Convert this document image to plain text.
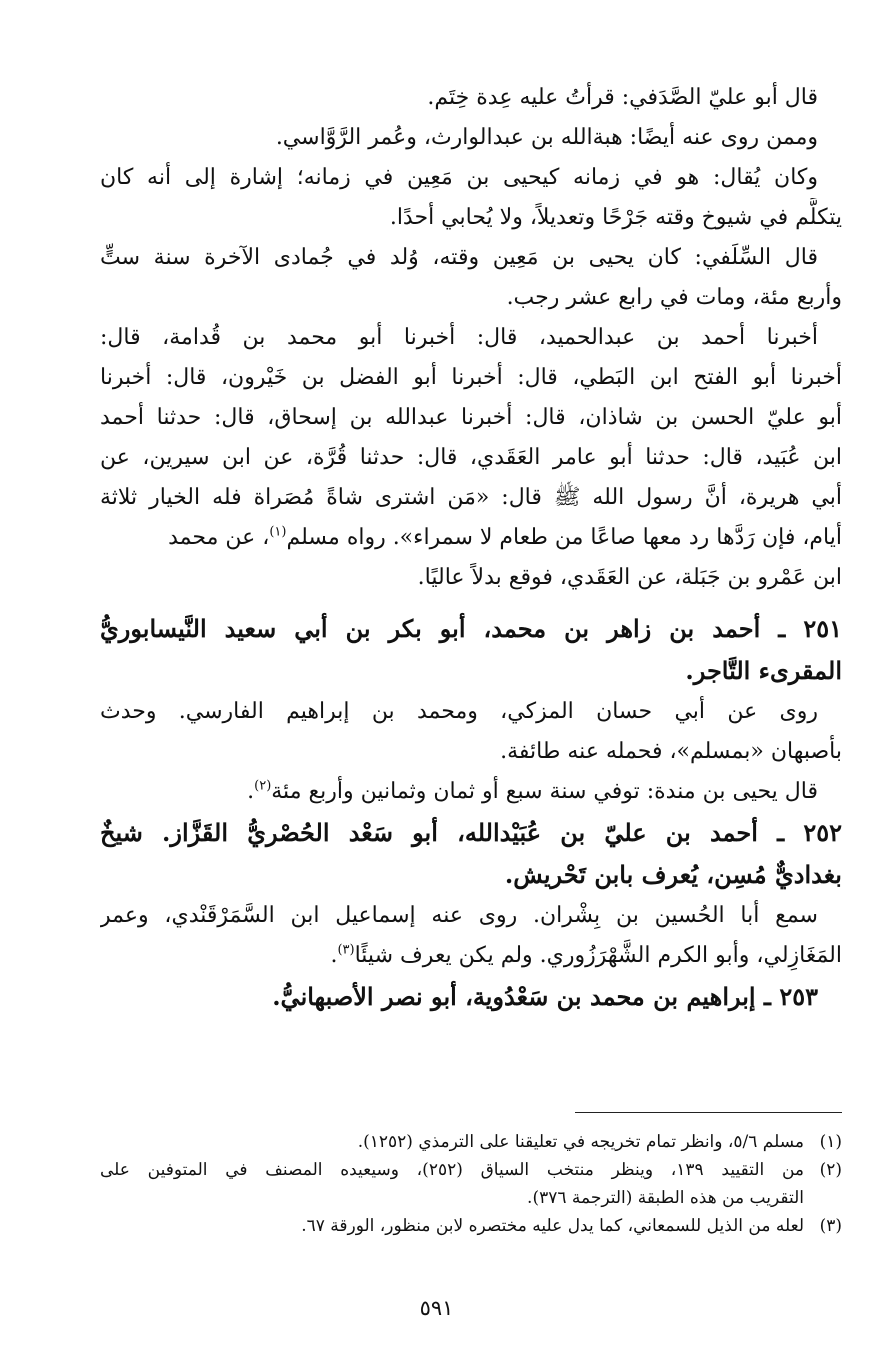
قال أبو عليّ الصَّدَفي: قرأتُ عليه عِدة خِتَم.
وممن روى عنه أيضًا: هبةالله بن عبدالوارث، وعُمر الرَّوَّاسي.
وكان يُقال: هو في زمانه كيحيى بن مَعِين في زمانه؛ إشارة إلى أنه كان
يتكلَّم في شيوخ وقته جَرْحًا وتعديلاً، ولا يُحابي أحدًا.
قال السِّلَفي: كان يحيى بن مَعِين وقته، وُلد في جُمادى الآخرة سنة ستٍّ
وأربع مئة، ومات في رابع عشر رجب.
أخبرنا أحمد بن عبدالحميد، قال: أخبرنا أبو محمد بن قُدامة، قال:
أخبرنا أبو الفتح ابن البَطي، قال: أخبرنا أبو الفضل بن خَيْرون، قال: أخبرنا
أبو عليّ الحسن بن شاذان، قال: أخبرنا عبدالله بن إسحاق، قال: حدثنا أحمد
ابن عُبَيد، قال: حدثنا أبو عامر العَقَدي، قال: حدثنا قُرَّة، عن ابن سيرين، عن
أبي هريرة، أنَّ رسول الله ﷺ قال: «مَن اشترى شاةً مُصَراة فله الخيار ثلاثة
أيام، فإن رَدَّها رد معها صاعًا من طعام لا سمراء». رواه مسلم$^{(١)}$، عن محمد
ابن عَمْرو بن جَبَلة، عن العَقَدي، فوقع بدلاً عاليًا.
٢٥١ ـ أحمد بن زاهر بن محمد، أبو بكر بن أبي سعيد النَّيسابوريُّ
المقرىء التَّاجر.
روى عن أبي حسان المزكي، ومحمد بن إبراهيم الفارسي. وحدث
بأصبهان «بمسلم»، فحمله عنه طائفة.
قال يحيى بن مندة: توفي سنة سبع أو ثمان وثمانين وأربع مئة$^{(٢)}$.
٢٥٢ ـ أحمد بن عليّ بن عُبَيْدالله، أبو سَعْد الحُصْريُّ القَزَّاز. شيخٌ
بغداديٌّ مُسِن، يُعرف بابن تَحْريش.
سمع أبا الحُسين بن بِشْران. روى عنه إسماعيل ابن السَّمَرْقَنْدي، وعمر
المَغَازِلي، وأبو الكرم الشَّهْرَزُوري. ولم يكن يعرف شيئًا$^{(٣)}$.
٢٥٣ ـ إبراهيم بن محمد بن سَعْدُوية، أبو نصر الأصبهانيُّ.
(١)
مسلم ٥/٦، وانظر تمام تخريجه في تعليقنا على الترمذي (١٢٥٢).
(٢)
من التقييد ١٣٩، وينظر منتخب السياق (٢٥٢)، وسيعيده المصنف في المتوفين على
التقريب من هذه الطبقة (الترجمة ٣٧٦).
(٣)
لعله من الذيل للسمعاني، كما يدل عليه مختصره لابن منظور، الورقة ٦٧.
٥٩١
